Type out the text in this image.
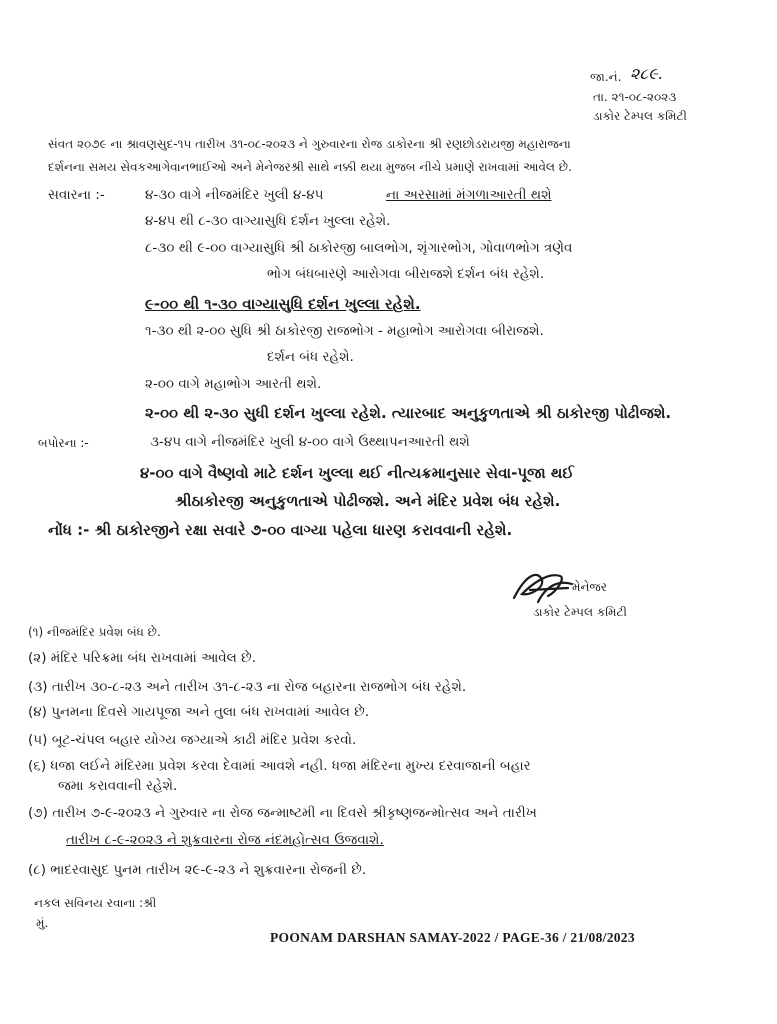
જા.નં. ૨૮૯.
તા. ૨૧-૦૮-૨૦૨૩
ડાકોર ટેમ્પલ કમિટી
સંવત ૨૦૭૯ ના શ્રાવણસુદ-૧૫ તારીખ ૩૧-૦૮-૨૦૨૩ ને ગુરુવારના રોજ ડાકોરના શ્રી રણછોડરાયજી મહારાજના
દર્શનના સમય સેવકઆગેવાનભાઈઓ અને મેનેજરશ્રી સાથે નક્કી થયા મુજબ નીચે પ્રમાણે રાખવામાં આવેલ છે.
સવારના :-	૪-૩૦ વાગે નીજમંદિર ખુલી ૪-૪૫	ના અરસામાં મંગળાઆરતી થશે
૪-૪૫ થી ૮-૩૦ વાગ્યાસુધિ દર્શન ખુલ્લા રહેશે.
૮-૩૦ થી ૯-૦૦ વાગ્યાસુધિ શ્રી ઠાકોરજી બાલભોગ, શૃંગારભોગ, ગોવાળભોગ ત્રણેવ
ભોગ બંધબારણે આરોગવા બીરાજશે દર્શન બંધ રહેશે.
૯-૦૦ થી ૧-૩૦ વાગ્યાસુધિ દર્શન ખુલ્લા રહેશે.
૧-૩૦ થી ૨-૦૦ સુધિ શ્રી ઠાકોરજી રાજભોગ - મહાભોગ આરોગવા બીરાજશે.
દર્શન બંધ રહેશે.
૨-૦૦ વાગે મહાભોગ આરતી થશે.
૨-૦૦ થી ૨-૩૦ સુધી દર્શન ખુલ્લા રહેશે. ત્યારબાદ અનુકુળતાએ શ્રી ઠાકોરજી પોઢીજશે.
બપોરના :-	૩-૪૫ વાગે નીજમંદિર ખુલી ૪-૦૦ વાગે ઉથ્થાપનઆરતી થશે
૪-૦૦ વાગે વૈષ્ણવો માટે દર્શન ખુલ્લા થઈ નીત્યક્રમાનુસાર સેવા-પૂજા થઈ
શ્રીઠાકોરજી અનુકુળતાએ પોઢીજશે. અને મંદિર પ્રવેશ બંધ રહેશે.
નોંધ :- શ્રી ઠાકોરજીને રક્ષા સવારે ૭-૦૦ વાગ્યા પહેલા ધારણ કરાવવાની રહેશે.
મેનેજર
ડાકોર ટેમ્પલ કમિટી
(૧) નીજમંદિર પ્રવેશ બંધ છે.
(૨) મંદિર પરિક્રમા બંધ રાખવામાં આવેલ છે.
(૩) તારીખ ૩૦-૮-૨૩ અને તારીખ ૩૧-૮-૨૩ ના રોજ બહારના રાજભોગ બંધ રહેશે.
(૪) પુનમના દિવસે ગાયપૂજા અને તુલા બંધ રાખવામાં આવેલ છે.
(૫) બૂટ-ચંપલ બહાર યોગ્ય જગ્યાએ કાઢી મંદિર પ્રવેશ કરવો.
(૬) ધજા લઈને મંદિરમા પ્રવેશ કરવા દેવામાં આવશે નહી. ધજા મંદિરના મુખ્ય દરવાજાની બહાર
જમા કરાવવાની રહેશે.
(૭) તારીખ ૭-૯-૨૦૨૩ ને ગુરુવાર ના રોજ જન્માષ્ટમી ના દિવસે શ્રીકૃષ્ણજન્મોત્સવ અને તારીખ
તારીખ ૮-૯-૨૦૨૩ ને શુક્રવારના રોજ નંદમહોત્સવ ઉજવાશે.
(૮) ભાદરવાસુદ પુનમ તારીખ ૨૯-૯-૨૩ ને શુક્રવારના રોજની છે.
નકલ સવિનય રવાના :શ્રી
મું.
POONAM DARSHAN SAMAY-2022 / PAGE-36 / 21/08/2023
